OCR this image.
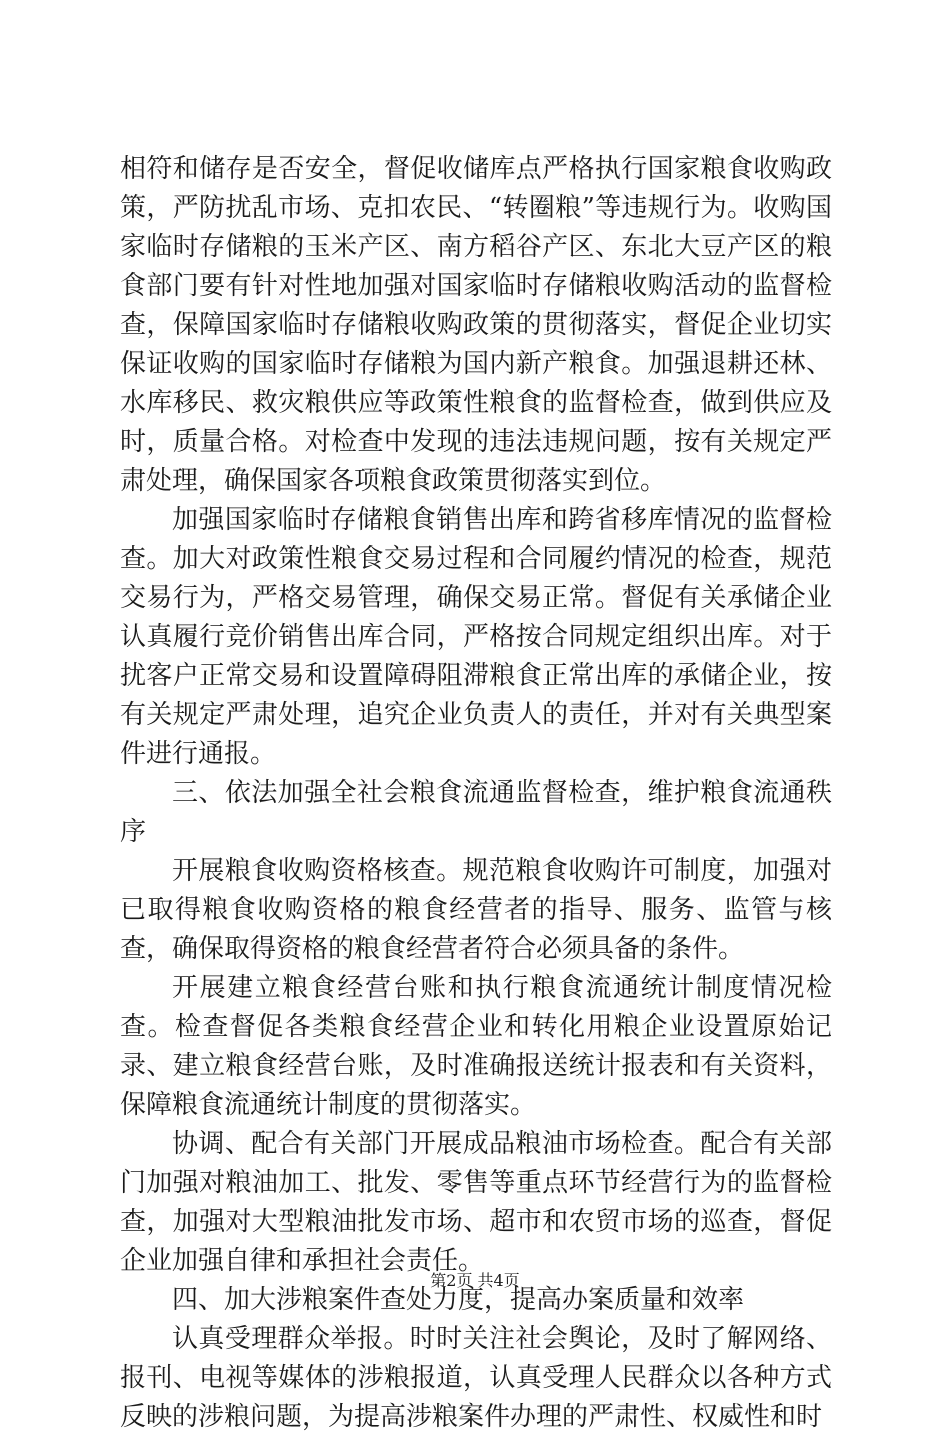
相符和储存是否安全，督促收储库点严格执行国家粮食收购政策，严防扰乱市场、克扣农民、“转圈粮”等违规行为。收购国家临时存储粮的玉米产区、南方稻谷产区、东北大豆产区的粮食部门要有针对性地加强对国家临时存储粮收购活动的监督检查，保障国家临时存储粮收购政策的贯彻落实，督促企业切实保证收购的国家临时存储粮为国内新产粮食。加强退耕还林、水库移民、救灾粮供应等政策性粮食的监督检查，做到供应及时，质量合格。对检查中发现的违法违规问题，按有关规定严肃处理，确保国家各项粮食政策贯彻落实到位。

加强国家临时存储粮食销售出库和跨省移库情况的监督检查。加大对政策性粮食交易过程和合同履约情况的检查，规范交易行为，严格交易管理，确保交易正常。督促有关承储企业认真履行竞价销售出库合同，严格按合同规定组织出库。对于扰客户正常交易和设置障碍阻滞粮食正常出库的承储企业，按有关规定严肃处理，追究企业负责人的责任，并对有关典型案件进行通报。

三、依法加强全社会粮食流通监督检查，维护粮食流通秩序

开展粮食收购资格核查。规范粮食收购许可制度，加强对已取得粮食收购资格的粮食经营者的指导、服务、监管与核查，确保取得资格的粮食经营者符合必须具备的条件。

开展建立粮食经营台账和执行粮食流通统计制度情况检查。检查督促各类粮食经营企业和转化用粮企业设置原始记录、建立粮食经营台账，及时准确报送统计报表和有关资料，保障粮食流通统计制度的贯彻落实。

协调、配合有关部门开展成品粮油市场检查。配合有关部门加强对粮油加工、批发、零售等重点环节经营行为的监督检查，加强对大型粮油批发市场、超市和农贸市场的巡查，督促企业加强自律和承担社会责任。

四、加大涉粮案件查处力度，提高办案质量和效率

认真受理群众举报。时时关注社会舆论，及时了解网络、报刊、电视等媒体的涉粮报道，认真受理人民群众以各种方式反映的涉粮问题，为提高涉粮案件办理的严肃性、权威性和时

第2页 共4页
